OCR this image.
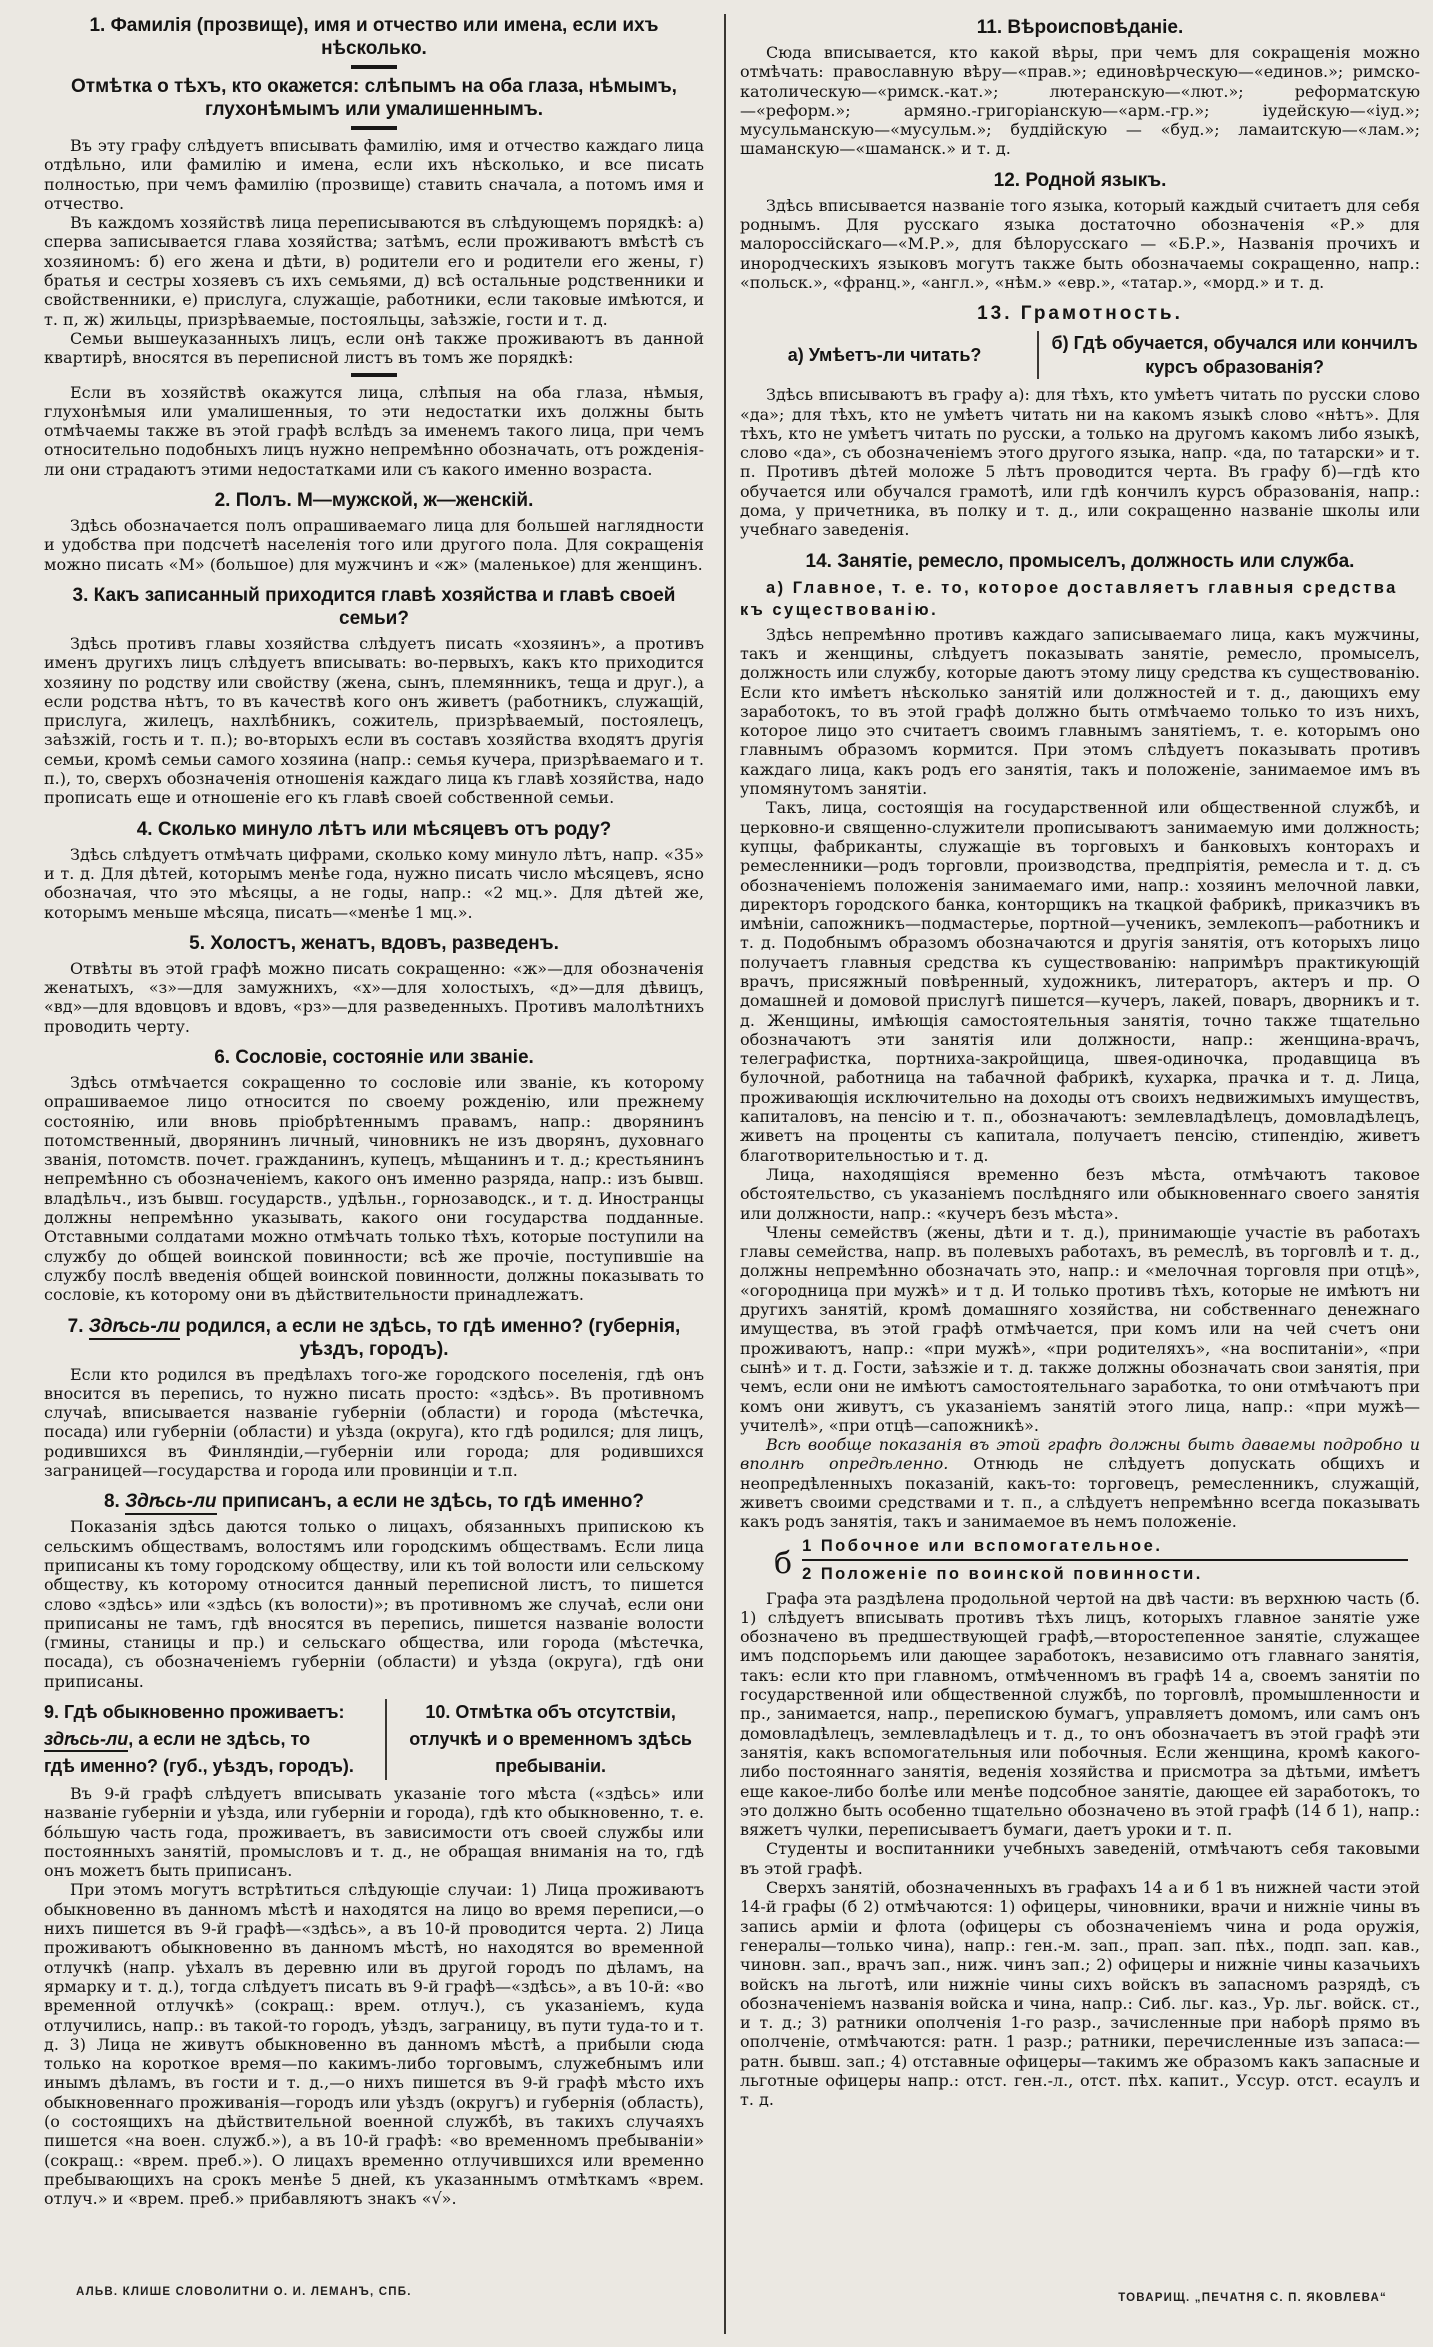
1. Фамилія (прозвище), имя и отчество или имена, если ихъ нѣсколько.
Отмѣтка о тѣхъ, кто окажется: слѣпымъ на оба глаза, нѣмымъ, глухонѣмымъ или умалишеннымъ.

Въ эту графу слѣдуетъ вписывать фамилію, имя и отчество каждаго лица отдѣльно, или фамилію и имена, если ихъ нѣсколько, и все писать полностью, при чемъ фамилію (прозвище) ставить сначала, а потомъ имя и отчество.

Въ каждомъ хозяйствѣ лица переписываются въ слѣдующемъ порядкѣ: а) сперва записывается глава хозяйства; затѣмъ, если проживаютъ вмѣстѣ съ хозяиномъ: б) его жена и дѣти, в) родители его и родители его жены, г) братья и сестры хозяевъ съ ихъ семьями, д) всѣ остальные родственники и свойственники, е) прислуга, служащіе, работники, если таковые имѣются, и т. п, ж) жильцы, призрѣваемые, постояльцы, заѣзжіе, гости и т. д.

Семьи вышеуказанныхъ лицъ, если онѣ также проживаютъ въ данной квартирѣ, вносятся въ переписной листъ въ томъ же порядкѣ:

Если въ хозяйствѣ окажутся лица, слѣпыя на оба глаза, нѣмыя, глухонѣмыя или умалишенныя, то эти недостатки ихъ должны быть отмѣчаемы также въ этой графѣ вслѣдъ за именемъ такого лица, при чемъ относительно подобныхъ лицъ нужно непремѣнно обозначать, отъ рожденія-ли они страдаютъ этими недостатками или съ какого именно возраста.

2. Полъ. М—мужской, ж—женскій.

Здѣсь обозначается полъ опрашиваемаго лица для большей наглядности и удобства при подсчетѣ населенія того или другого пола. Для сокращенія можно писать «М» (большое) для мужчинъ и «ж» (маленькое) для женщинъ.

3. Какъ записанный приходится главѣ хозяйства и главѣ своей семьи?

Здѣсь противъ главы хозяйства слѣдуетъ писать «хозяинъ», а противъ именъ другихъ лицъ слѣдуетъ вписывать: во-первыхъ, какъ кто приходится хозяину по родству или свойству (жена, сынъ, племянникъ, теща и друг.), а если родства нѣтъ, то въ качествѣ кого онъ живетъ (работникъ, служащій, прислуга, жилецъ, нахлѣбникъ, сожитель, призрѣваемый, постоялецъ, заѣзжій, гость и т. п.); во-вторыхъ если въ составъ хозяйства входятъ другія семьи, кромѣ семьи самого хозяина (напр.: семья кучера, призрѣваемаго и т. п.), то, сверхъ обозначенія отношенія каждаго лица къ главѣ хозяйства, надо прописать еще и отношеніе его къ главѣ своей собственной семьи.

4. Сколько минуло лѣтъ или мѣсяцевъ отъ роду?

Здѣсь слѣдуетъ отмѣчать цифрами, сколько кому минуло лѣтъ, напр. «35» и т. д. Для дѣтей, которымъ менѣе года, нужно писать число мѣсяцевъ, ясно обозначая, что это мѣсяцы, а не годы, напр.: «2 мц.». Для дѣтей же, которымъ меньше мѣсяца, писать—«менѣе 1 мц.».

5. Холостъ, женатъ, вдовъ, разведенъ.

Отвѣты въ этой графѣ можно писать сокращенно: «ж»—для обозначенія женатыхъ, «з»—для замужнихъ, «х»—для холостыхъ, «д»—для дѣвицъ, «вд»—для вдовцовъ и вдовъ, «рз»—для разведенныхъ. Противъ малолѣтнихъ проводить черту.

6. Сословіе, состояніе или званіе.

Здѣсь отмѣчается сокращенно то сословіе или званіе, къ которому опрашиваемое лицо относится по своему рожденію, или прежнему состоянію, или вновь пріобрѣтеннымъ правамъ, напр.: дворянинъ потомственный, дворянинъ личный, чиновникъ не изъ дворянъ, духовнаго званія, потомств. почет. гражданинъ, купецъ, мѣщанинъ и т. д.; крестьянинъ непремѣнно съ обозначеніемъ, какого онъ именно разряда, напр.: изъ бывш. владѣльч., изъ бывш. государств., удѣльн., горнозаводск., и т. д. Иностранцы должны непремѣнно указывать, какого они государства подданные. Отставными солдатами можно отмѣчать только тѣхъ, которые поступили на службу до общей воинской повинности; всѣ же прочіе, поступившіе на службу послѣ введенія общей воинской повинности, должны показывать то сословіе, къ которому они въ дѣйствительности принадлежатъ.

7. Здѣсь-ли родился, а если не здѣсь, то гдѣ именно? (губернія, уѣздъ, городъ).

Если кто родился въ предѣлахъ того-же городского поселенія, гдѣ онъ вносится въ перепись, то нужно писать просто: «здѣсь». Въ противномъ случаѣ, вписывается названіе губерніи (области) и города (мѣстечка, посада) или губерніи (области) и уѣзда (округа), кто гдѣ родился; для лицъ, родившихся въ Финляндіи,—губерніи или города; для родившихся заграницей—государства и города или провинціи и т.п.

8. Здѣсь-ли приписанъ, а если не здѣсь, то гдѣ именно?

Показанія здѣсь даются только о лицахъ, обязанныхъ припискою къ сельскимъ обществамъ, волостямъ или городскимъ обществамъ. Если лица приписаны къ тому городскому обществу, или къ той волости или сельскому обществу, къ которому относится данный переписной листъ, то пишется слово «здѣсь» или «здѣсь (къ волости)»; въ противномъ же случаѣ, если они приписаны не тамъ, гдѣ вносятся въ перепись, пишется названіе волости (гмины, станицы и пр.) и сельскаго общества, или города (мѣстечка, посада), съ обозначеніемъ губерніи (области) и уѣзда (округа), гдѣ они приписаны.

9. Гдѣ обыкновенно проживаетъ:
здѣсь-ли, а если не здѣсь, то
гдѣ именно? (губ., уѣздъ, городъ).
10. Отмѣтка объ отсутствіи, отлучкѣ и о временномъ здѣсь пребываніи.

Въ 9-й графѣ слѣдуетъ вписывать указаніе того мѣста («здѣсь» или названіе губерніи и уѣзда, или губерніи и города), гдѣ кто обыкновенно, т. е. бо́льшую часть года, проживаетъ, въ зависимости отъ своей службы или постоянныхъ занятій, промысловъ и т. д., не обращая вниманія на то, гдѣ онъ можетъ быть приписанъ.

При этомъ могутъ встрѣтиться слѣдующіе случаи: 1) Лица проживаютъ обыкновенно въ данномъ мѣстѣ и находятся на лицо во время переписи,—о нихъ пишется въ 9-й графѣ—«здѣсь», а въ 10-й проводится черта. 2) Лица проживаютъ обыкновенно въ данномъ мѣстѣ, но находятся во временной отлучкѣ (напр. уѣхалъ въ деревню или въ другой городъ по дѣламъ, на ярмарку и т. д.), тогда слѣдуетъ писать въ 9-й графѣ—«здѣсь», а въ 10-й: «во временной отлучкѣ» (сокращ.: врем. отлуч.), съ указаніемъ, куда отлучились, напр.: въ такой-то городъ, уѣздъ, заграницу, въ пути туда-то и т. д. 3) Лица не живутъ обыкновенно въ данномъ мѣстѣ, а прибыли сюда только на короткое время—по какимъ-либо торговымъ, служебнымъ или инымъ дѣламъ, въ гости и т. д.,—о нихъ пишется въ 9-й графѣ мѣсто ихъ обыкновеннаго проживанія—городъ или уѣздъ (округъ) и губернія (область), (о состоящихъ на дѣйствительной военной службѣ, въ такихъ случаяхъ пишется «на воен. служб.»), а въ 10-й графѣ: «во временномъ пребываніи» (сокращ.: «врем. преб.»). О лицахъ временно отлучившихся или временно пребывающихъ на срокъ менѣе 5 дней, къ указаннымъ отмѣткамъ «врем. отлуч.» и «врем. преб.» прибавляютъ знакъ «√».

11. Вѣроисповѣданіе.

Сюда вписывается, кто какой вѣры, при чемъ для сокращенія можно отмѣчать: православную вѣру—«прав.»; единовѣрческую—«единов.»; римско-католическую—«римск.-кат.»; лютеранскую—«лют.»; реформатскую—«реформ.»; армяно.-григоріанскую—«арм.-гр.»; іудейскую—«іуд.»; мусульманскую—«мусульм.»; буддійскую — «буд.»; ламаитскую—«лам.»; шаманскую—«шаманск.» и т. д.

12. Родной языкъ.

Здѣсь вписывается названіе того языка, который каждый считаетъ для себя роднымъ. Для русскаго языка достаточно обозначенія «Р.» для малороссійскаго—«М.Р.», для бѣлорусскаго — «Б.Р.», Названія прочихъ и инородческихъ языковъ могутъ также быть обозначаемы сокращенно, напр.: «польск.», «франц.», «англ.», «нѣм.» «евр.», «татар.», «морд.» и т. д.

13. Грамотность.
а) Умѣетъ-ли читать?
б) Гдѣ обучается, обучался или кончилъ курсъ образованія?

Здѣсь вписываютъ въ графу а): для тѣхъ, кто умѣетъ читать по русски слово «да»; для тѣхъ, кто не умѣетъ читать ни на какомъ языкѣ слово «нѣтъ». Для тѣхъ, кто не умѣетъ читать по русски, а только на другомъ какомъ либо языкѣ, слово «да», съ обозначеніемъ этого другого языка, напр. «да, по татарски» и т. п. Противъ дѣтей моложе 5 лѣтъ проводится черта. Въ графу б)—гдѣ кто обучается или обучался грамотѣ, или гдѣ кончилъ курсъ образованія, напр.: дома, у причетника, въ полку и т. д., или сокращенно названіе школы или учебнаго заведенія.

14. Занятіе, ремесло, промыселъ, должность или служба.
а) Главное, т. е. то, которое доставляетъ главныя средства къ существованію.

Здѣсь непремѣнно противъ каждаго записываемаго лица, какъ мужчины, такъ и женщины, слѣдуетъ показывать занятіе, ремесло, промыселъ, должность или службу, которые даютъ этому лицу средства къ существованію. Если кто имѣетъ нѣсколько занятій или должностей и т. д., дающихъ ему заработокъ, то въ этой графѣ должно быть отмѣчаемо только то изъ нихъ, которое лицо это считаетъ своимъ главнымъ занятіемъ, т. е. которымъ оно главнымъ образомъ кормится. При этомъ слѣдуетъ показывать противъ каждаго лица, какъ родъ его занятія, такъ и положеніе, занимаемое имъ въ упомянутомъ занятіи.

Такъ, лица, состоящія на государственной или общественной службѣ, и церковно-и священно-служители прописываютъ занимаемую ими должность; купцы, фабриканты, служащіе въ торговыхъ и банковыхъ конторахъ и ремесленники—родъ торговли, производства, предпріятія, ремесла и т. д. съ обозначеніемъ положенія занимаемаго ими, напр.: хозяинъ мелочной лавки, директоръ городского банка, конторщикъ на ткацкой фабрикѣ, приказчикъ въ имѣніи, сапожникъ—подмастерье, портной—ученикъ, землекопъ—работникъ и т. д. Подобнымъ образомъ обозначаются и другія занятія, отъ которыхъ лицо получаетъ главныя средства къ существованію: напримѣръ практикующій врачъ, присяжный повѣренный, художникъ, литераторъ, актеръ и пр. О домашней и домовой прислугѣ пишется—кучеръ, лакей, поваръ, дворникъ и т. д. Женщины, имѣющія самостоятельныя занятія, точно также тщательно обозначаютъ эти занятія или должности, напр.: женщина-врачъ, телеграфистка, портниха-закройщица, швея-одиночка, продавщица въ булочной, работница на табачной фабрикѣ, кухарка, прачка и т. д. Лица, проживающія исключительно на доходы отъ своихъ недвижимыхъ имуществъ, капиталовъ, на пенсію и т. п., обозначаютъ: землевладѣлецъ, домовладѣлецъ, живетъ на проценты съ капитала, получаетъ пенсію, стипендію, живетъ благотворительностью и т. д.

Лица, находящіяся временно безъ мѣста, отмѣчаютъ таковое обстоятельство, съ указаніемъ послѣдняго или обыкновеннаго своего занятія или должности, напр.: «кучеръ безъ мѣста».

Члены семействъ (жены, дѣти и т. д.), принимающіе участіе въ работахъ главы семейства, напр. въ полевыхъ работахъ, въ ремеслѣ, въ торговлѣ и т. д., должны непремѣнно обозначать это, напр.: и «мелочная торговля при отцѣ», «огородница при мужѣ» и т д. И только противъ тѣхъ, которые не имѣютъ ни другихъ занятій, кромѣ домашняго хозяйства, ни собственнаго денежнаго имущества, въ этой графѣ отмѣчается, при комъ или на чей счетъ они проживаютъ, напр.: «при мужѣ», «при родителяхъ», «на воспитаніи», «при сынѣ» и т. д. Гости, заѣзжіе и т. д. также должны обозначать свои занятія, при чемъ, если они не имѣютъ самостоятельнаго заработка, то они отмѣчаютъ при комъ они живутъ, съ указаніемъ занятій этого лица, напр.: «при мужѣ—учителѣ», «при отцѣ—сапожникѣ».

Всѣ вообще показанія въ этой графѣ должны быть даваемы подробно и вполнѣ опредѣленно. Отнюдь не слѣдуетъ допускать общихъ и неопредѣленныхъ показаній, какъ-то: торговецъ, ремесленникъ, служащій, живетъ своими средствами и т. п., а слѣдуетъ непремѣнно всегда показывать какъ родъ занятія, такъ и занимаемое въ немъ положеніе.

б
1 Побочное или вспомогательное.
2 Положеніе по воинской повинности.

Графа эта раздѣлена продольной чертой на двѣ части: въ верхнюю часть (б. 1) слѣдуетъ вписывать противъ тѣхъ лицъ, которыхъ главное занятіе уже обозначено въ предшествующей графѣ,—второстепенное занятіе, служащее имъ подспорьемъ или дающее заработокъ, независимо отъ главнаго занятія, такъ: если кто при главномъ, отмѣченномъ въ графѣ 14 а, своемъ занятіи по государственной или общественной службѣ, по торговлѣ, промышленности и пр., занимается, напр., перепискою бумагъ, управляетъ домомъ, или самъ онъ домовладѣлецъ, землевладѣлецъ и т. д., то онъ обозначаетъ въ этой графѣ эти занятія, какъ вспомогательныя или побочныя. Если женщина, кромѣ какого-либо постояннаго занятія, веденія хозяйства и присмотра за дѣтьми, имѣетъ еще какое-либо болѣе или менѣе подсобное занятіе, дающее ей заработокъ, то это должно быть особенно тщательно обозначено въ этой графѣ (14 б 1), напр.: вяжетъ чулки, переписываетъ бумаги, даетъ уроки и т. п.

Студенты и воспитанники учебныхъ заведеній, отмѣчаютъ себя таковыми въ этой графѣ.

Сверхъ занятій, обозначенныхъ въ графахъ 14 а и б 1 въ нижней части этой 14-й графы (б 2) отмѣчаются: 1) офицеры, чиновники, врачи и нижніе чины въ запись арміи и флота (офицеры съ обозначеніемъ чина и рода оружія, генералы—только чина), напр.: ген.-м. зап., прап. зап. пѣх., подп. зап. кав., чиновн. зап., врачъ зап., ниж. чинъ зап.; 2) офицеры и нижніе чины казачьихъ войскъ на льготѣ, или нижніе чины сихъ войскъ въ запасномъ разрядѣ, съ обозначеніемъ названія войска и чина, напр.: Сиб. льг. каз., Ур. льг. войск. ст., и т. д.; 3) ратники ополченія 1-го разр., зачисленные при наборѣ прямо въ ополченіе, отмѣчаются: ратн. 1 разр.; ратники, перечисленные изъ запаса:—ратн. бывш. зап.; 4) отставные офицеры—такимъ же образомъ какъ запасные и льготные офицеры напр.: отст. ген.-л., отст. пѣх. капит., Уссур. отст. есаулъ и т. д.

АЛЬВ. КЛИШЕ СЛОВОЛИТНИ О. И. ЛЕМАНЪ, СПБ.	ТОВАРИЩ. „ПЕЧАТНЯ С. П. ЯКОВЛЕВА“
